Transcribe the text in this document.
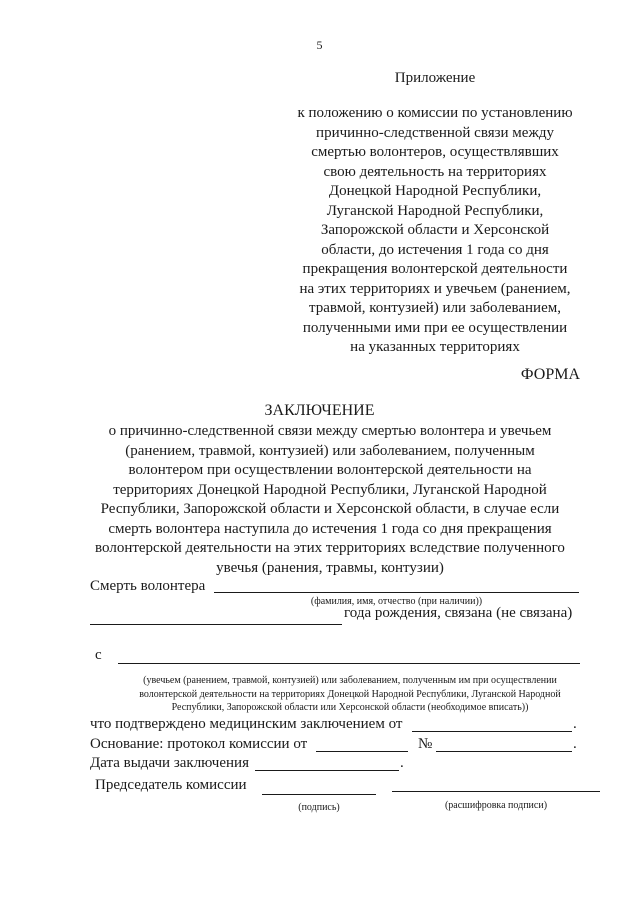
5
Приложение
к положению о комиссии по установлению
причинно-следственной связи между
смертью волонтеров, осуществлявших
свою деятельность на территориях
Донецкой Народной Республики,
Луганской Народной Республики,
Запорожской области и Херсонской
области, до истечения 1 года со дня
прекращения волонтерской деятельности
на этих территориях и увечьем (ранением,
травмой, контузией) или заболеванием,
полученными ими при ее осуществлении
на указанных территориях
ФОРМА
ЗАКЛЮЧЕНИЕ
о причинно-следственной связи между смертью волонтера и увечьем
(ранением, травмой, контузией) или заболеванием, полученным
волонтером при осуществлении волонтерской деятельности на
территориях Донецкой Народной Республики, Луганской Народной
Республики, Запорожской области и Херсонской области, в случае если
смерть волонтера наступила до истечения 1 года со дня прекращения
волонтерской деятельности на этих территориях вследствие полученного
увечья (ранения, травмы, контузии)
Смерть волонтера
(фамилия, имя, отчество (при наличии))
года рождения, связана (не связана)
с
(увечьем (ранением, травмой, контузией) или заболеванием, полученным им при осуществлении
волонтерской деятельности на территориях Донецкой Народной Республики, Луганской Народной
Республики, Запорожской области или Херсонской области (необходимое вписать))
что подтверждено медицинским заключением от	.
Основание: протокол комиссии от	№	.
Дата выдачи заключения	.
Председатель комиссии
(подпись)	(расшифровка подписи)
